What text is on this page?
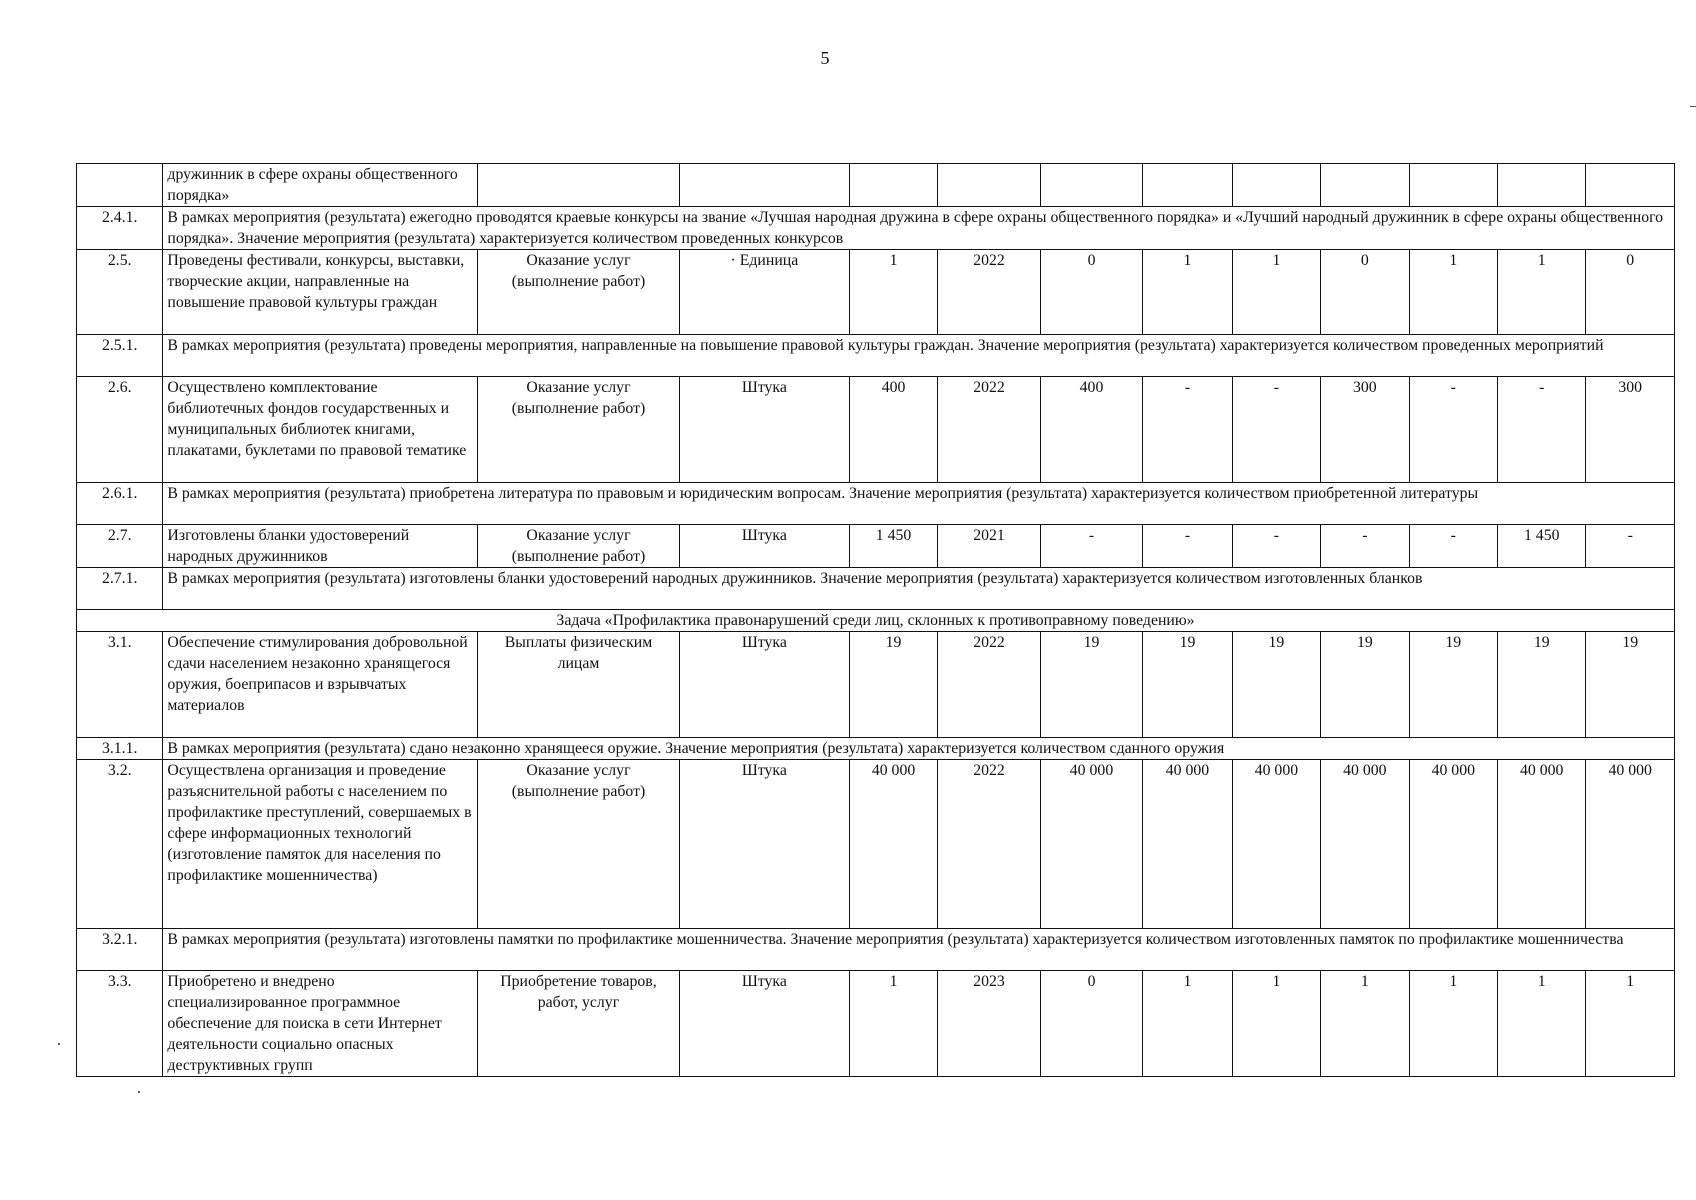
5
	дружинник в сфере охраны общественного порядка»											
2.4.1.	В рамках мероприятия (результата) ежегодно проводятся краевые конкурсы на звание «Лучшая народная дружина в сфере охраны общественного порядка» и «Лучший народный дружинник в сфере охраны общественного порядка». Значение мероприятия (результата) характеризуется количеством проведенных конкурсов											
2.5.	Проведены фестивали, конкурсы, выставки, творческие акции, направленные на повышение правовой культуры граждан	Оказание услуг (выполнение работ)	· Единица	1	2022	0	1	1	0	1	1	0
2.5.1.	В рамках мероприятия (результата) проведены мероприятия, направленные на повышение правовой культуры граждан. Значение мероприятия (результата) характеризуется количеством проведенных мероприятий											
2.6.	Осуществлено комплектование библиотечных фондов государственных и муниципальных библиотек книгами, плакатами, буклетами по правовой тематике	Оказание услуг (выполнение работ)	Штука	400	2022	400	-	-	300	-	-	300
2.6.1.	В рамках мероприятия (результата) приобретена литература по правовым и юридическим вопросам. Значение мероприятия (результата) характеризуется количеством приобретенной литературы											
2.7.	Изготовлены бланки удостоверений народных дружинников	Оказание услуг (выполнение работ)	Штука	1 450	2021	-	-	-	-	-	1 450	-
2.7.1.	В рамках мероприятия (результата) изготовлены бланки удостоверений народных дружинников. Значение мероприятия (результата) характеризуется количеством изготовленных бланков											
Задача «Профилактика правонарушений среди лиц, склонных к противоправному поведению»												
3.1.	Обеспечение стимулирования добровольной сдачи населением незаконно хранящегося оружия, боеприпасов и взрывчатых материалов	Выплаты физическим лицам	Штука	19	2022	19	19	19	19	19	19	19
3.1.1.	В рамках мероприятия (результата) сдано незаконно хранящееся оружие. Значение мероприятия (результата) характеризуется количеством сданного оружия											
3.2.	Осуществлена организация и проведение разъяснительной работы с населением по профилактике преступлений, совершаемых в сфере информационных технологий (изготовление памяток для населения по профилактике мошенничества)	Оказание услуг (выполнение работ)	Штука	40 000	2022	40 000	40 000	40 000	40 000	40 000	40 000	40 000
3.2.1.	В рамках мероприятия (результата) изготовлены памятки по профилактике мошенничества. Значение мероприятия (результата) характеризуется количеством изготовленных памяток по профилактике мошенничества											
3.3.	Приобретено и внедрено специализированное программное обеспечение для поиска в сети Интернет деятельности социально опасных деструктивных групп	Приобретение товаров, работ, услуг	Штука	1	2023	0	1	1	1	1	1	1
